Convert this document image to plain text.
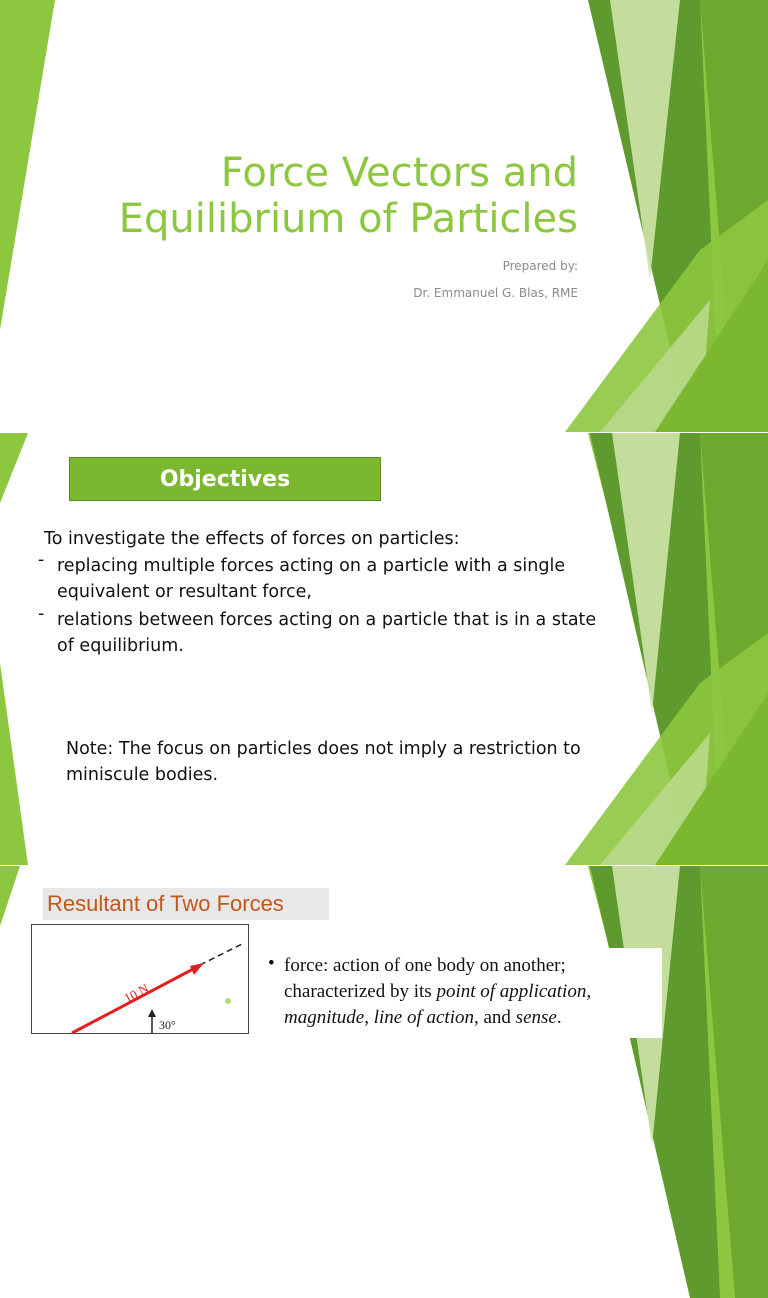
Force Vectors and
Equilibrium of Particles
Prepared by:
Dr. Emmanuel G. Blas, RME
Objectives
To investigate the effects of forces on particles:
- replacing multiple forces acting on a particle with a single
equivalent or resultant force,
- relations between forces acting on a particle that is in a state
of equilibrium.
Note: The focus on particles does not imply a restriction to
miniscule bodies.
Resultant of Two Forces
10 N
30°
• force: action of one body on another;
characterized by its point of application,
magnitude, line of action, and sense.
